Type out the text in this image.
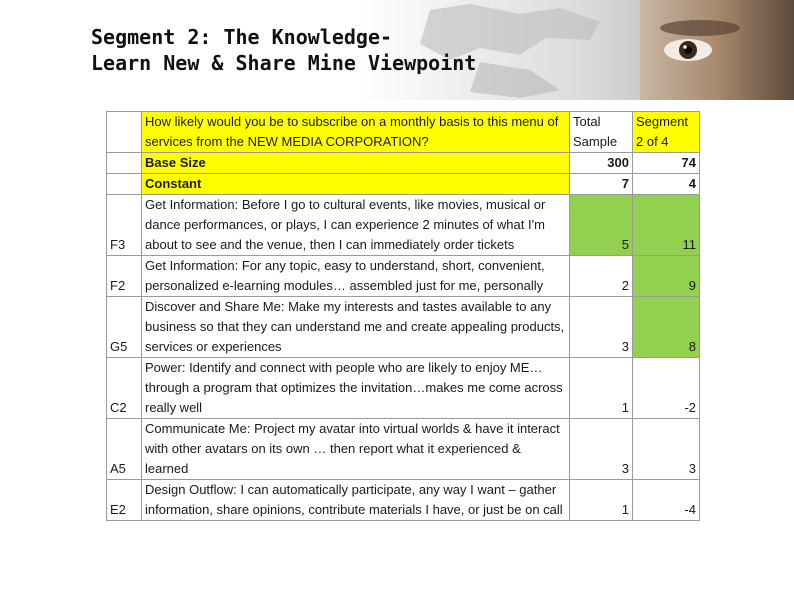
Segment 2: The Knowledge-
Learn New & Share Mine Viewpoint
	How likely would you be to subscribe on a monthly basis to this menu of services from the NEW MEDIA CORPORATION?	Total Sample	Segment 2 of 4
	Base Size	300	74
	Constant	7	4
F3	Get Information: Before I go to cultural events, like movies, musical or dance performances, or plays, I can experience 2 minutes of what I'm about to see and the venue, then I can immediately order tickets	5	11
F2	Get Information: For any topic, easy to understand, short, convenient, personalized e-learning modules… assembled just for me, personally	2	9
G5	Discover and Share Me: Make my interests and tastes available to any business so that they can understand me and create appealing products, services or experiences	3	8
C2	Power: Identify and connect with people who are likely to enjoy ME… through a program that optimizes the invitation…makes me come across really well	1	-2
A5	Communicate Me: Project my avatar into virtual worlds & have it interact with other avatars on its own … then report what it experienced & learned	3	3
E2	Design Outflow: I can automatically participate, any way I want – gather information, share opinions, contribute materials I have, or just be on call	1	-4
